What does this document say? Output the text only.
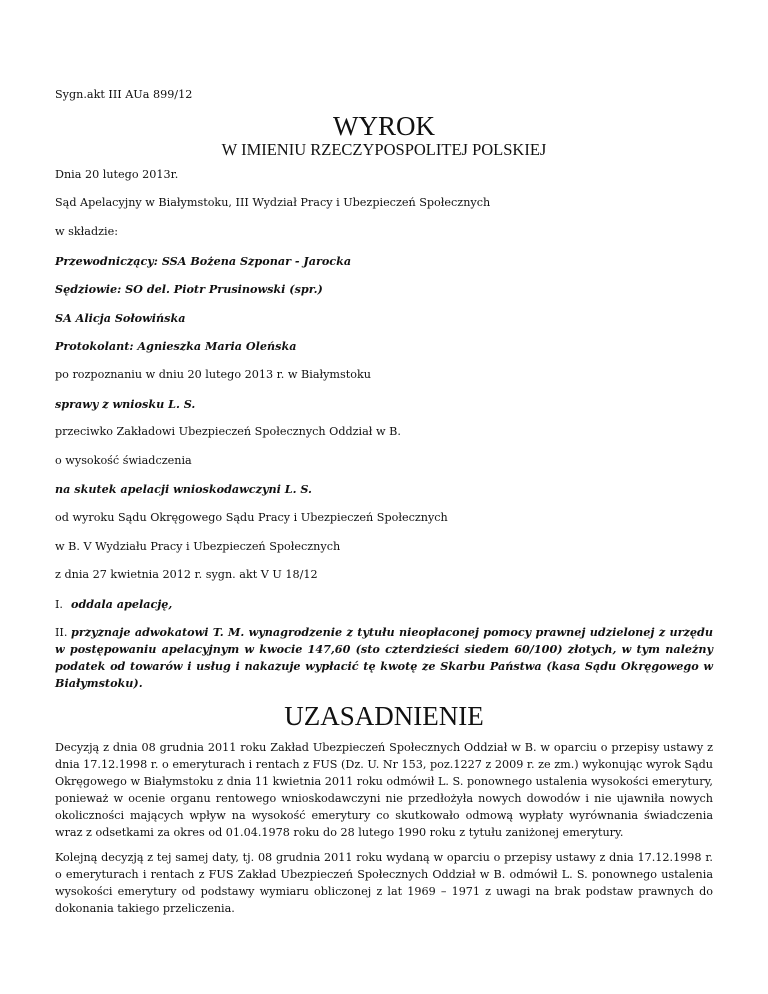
Sygn.akt III AUa 899/12
WYROK
W IMIENIU RZECZYPOSPOLITEJ POLSKIEJ
Dnia 20 lutego 2013r.
Sąd Apelacyjny w Białymstoku, III Wydział Pracy i Ubezpieczeń Społecznych
w składzie:
Przewodniczący: SSA Bożena Szponar - Jarocka
Sędziowie: SO del. Piotr Prusinowski (spr.)
SA Alicja Sołowińska
Protokolant: Agnieszka Maria Oleńska
po rozpoznaniu w dniu 20 lutego 2013 r. w Białymstoku
sprawy z wniosku L. S.
przeciwko Zakładowi Ubezpieczeń Społecznych Oddział w B.
o wysokość świadczenia
na skutek apelacji wnioskodawczyni L. S.
od wyroku Sądu Okręgowego Sądu Pracy i Ubezpieczeń Społecznych
w B. V Wydziału Pracy i Ubezpieczeń Społecznych
z dnia 27 kwietnia 2012 r. sygn. akt V U 18/12
I. oddala apelację,
II. przyznaje adwokatowi T. M. wynagrodzenie z tytułu nieopłaconej pomocy prawnej udzielonej z urzędu w postępowaniu apelacyjnym w kwocie 147,60 (sto czterdzieści siedem 60/100) złotych, w tym należny podatek od towarów i usług i nakazuje wypłacić tę kwotę ze Skarbu Państwa (kasa Sądu Okręgowego w Białymstoku).
UZASADNIENIE
Decyzją z dnia 08 grudnia 2011 roku Zakład Ubezpieczeń Społecznych Oddział w B. w oparciu o przepisy ustawy z dnia 17.12.1998 r. o emeryturach i rentach z FUS (Dz. U. Nr 153, poz.1227 z 2009 r. ze zm.) wykonując wyrok Sądu Okręgowego w Białymstoku z dnia 11 kwietnia 2011 roku odmówił L. S. ponownego ustalenia wysokości emerytury, ponieważ w ocenie organu rentowego wnioskodawczyni nie przedłożyła nowych dowodów i nie ujawniła nowych okoliczności mających wpływ na wysokość emerytury co skutkowało odmową wypłaty wyrównania świadczenia wraz z odsetkami za okres od 01.04.1978 roku do 28 lutego 1990 roku z tytułu zaniżonej emerytury.
Kolejną decyzją z tej samej daty, tj. 08 grudnia 2011 roku wydaną w oparciu o przepisy ustawy z dnia 17.12.1998 r. o emeryturach i rentach z FUS Zakład Ubezpieczeń Społecznych Oddział w B. odmówił L. S. ponownego ustalenia wysokości emerytury od podstawy wymiaru obliczonej z lat 1969 – 1971 z uwagi na brak podstaw prawnych do dokonania takiego przeliczenia.
